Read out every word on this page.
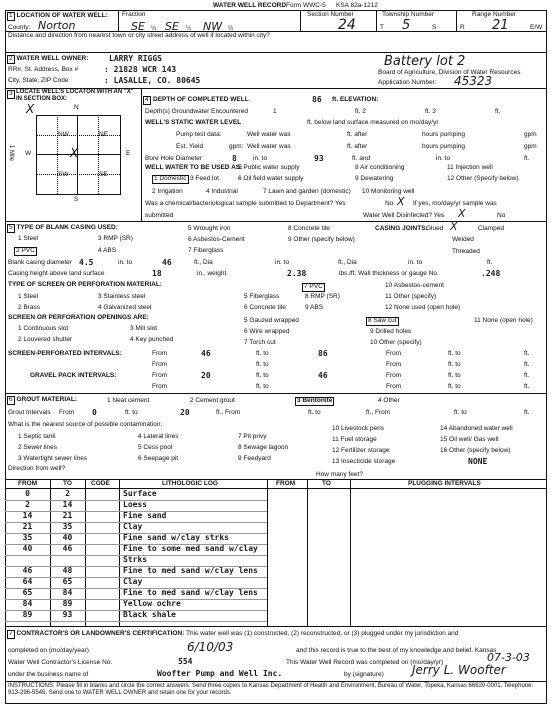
WATER WELL RECORD Form WWC-5 KSA 82a-1212
1 LOCATION OF WATER WELL:
County: Norton
Fraction
SE ¼ SE ¼ NW ¼
Section Number
24
Township Number
T 5	S
Range Number
R 21	E/W
Distance and direction from nearest town or city street address of well if located within city?
2 WATER WELL OWNER:	LARRY RIGGS
RR#, St. Address, Box #	: 21828 WCR 143
City, State, ZIP Code	: LASALLE, CO. 80645
Battery lot 2
Board of Agriculture, Division of Water Resources
Application Number: 45323
3 LOCATE WELL'S LOCATON WITH AN "X" IN SECTION BOX:
N
S
W	E
1 Mile
NW	NE
SW	SE
X
X
4 DEPTH OF COMPLETED WELL	86 ft. ELEVATION:
Depth(s) Groundwater Encountered	1	ft. 2	ft. 3	ft.
WELL'S STATIC WATER LEVEL	ft. below land surface measured on mo/day/yr
Pump test data:	Well water was	ft. after	hours pumping	gpm
Est. Yield	gpm: Well water was	ft. after	hours pumping	gpm
Bore Hole Diameter	8 in. to	93	ft. and	in. to	ft.
WELL WATER TO BE USED AS:
1 Domestic 3 Feed lot
5 Public water supply
6 Oil field water supply
8 Air conditioning
9 Dewatering
11 Injection well
12 Other (Specify below)
2 Irrigation	4 Industrial	7 Lawn and garden (domestic) 10 Monitoring well
Was a chemical/bacteriological sample submitted to Department? Yes	No X If yes, mo/day/yr sample was
submitted	Water Well Disinfected? Yes X	No
5 TYPE OF BLANK CASING USED:
1 Steel
2 PVC
3 RMP (SR)
4 ABS
5 Wrought iron
6 Asbestos-Cement
7 Fiberglass
8 Concrete tile
9 Other (specify below)
CASING JOINTS:
Glued X	Clamped
Welded
Threaded
Blank casing diameter 4.5	in. to	46	ft., Dia	in. to	ft., Dia	in. to	ft.
Casing height above land surface	18	in., weight	2.38	lbs./ft. Wall thickness or gauge No.	.248
TYPE OF SCREEN OR PERFORATION MATERIAL:
1 Steel
2 Brass
3 Stainless steel
4 Galvanized steel
5 Fiberglass
6 Concrete tile
7 PVC
8 RMP (SR)
9 ABS
10 Asbestos-cement
11 Other (specify)
12 None used (open hole)
SCREEN OR PERFORATION OPENINGS ARE:
1 Continuous slot
2 Louvered shutter
3 Mill slot
4 Key punched
5 Gauzed wrapped
6 Wire wrapped
7 Torch cut
8 Saw cut
9 Drilled holes
10 Other (specify)
11 None (open hole)
SCREEN-PERFORATED INTERVALS:	From	46	ft. to	86	From	ft. to	ft.
From	ft. to	From	ft. to	ft.
GRAVEL PACK INTERVALS:	From	20	ft. to	46	From	ft. to	ft.
From	ft. to	From	ft. to	ft.
6 GROUT MATERIAL:	1 Neat cement	2 Cement grout	3 Bentonite	4 Other
Grout Intervals From 0	ft. to	20	ft., From	ft. to	ft., From	ft. to	ft.
What is the nearest source of possible contamination:
1 Septic tank
2 Sewer lines
3 Watertight sewer lines
4 Lateral lines
5 Cess pool
6 Seepage pit
7 Pit privy
8 Sewage lagoon
9 Feedyard
10 Livestock pens
11 Fuel storage
12 Fertilizer storage
13 Insecticide storage
14 Abandoned water well
15 Oil well/ Gas well
16 Other (specify below)
NONE
Direction from well?
How many feet?
FROM	TO	CODE	LITHOLOGIC LOG	FROM	TO	PLUGGING INTERVALS
0	2	Surface
2	14	Loess
14	21	Fine sand
21	35	Clay
35	40	Fine sand w/clay strks
40	46	Fine to some med sand w/clay
Strks
46	48	Fine to med sand w/clay lens
64	65	Clay
65	84	Fine to med sand w/clay lens
84	89	Yellow ochre
89	93	Black shale
7 CONTRACTOR'S OR LANDOWNER'S CERTIFICATION: This water well was (1) constructed, (2) reconstructed, or (3) plugged under my jurisdiction and
completed on (mo/day/year)	6/10/03	and this record is true to the best of my knowledge and belief. Kansas
Water Well Contractor's License No.	554	This Water Well Record was completed on (mo/day/yr)	07-3-03
under the business name of	Woofter Pump and Well Inc.	by (signature) Jerry L. Woofter
INSTRUCTIONS: Please fill in blanks and circle the correct answers. Send three copies to Kansas Department of Health and Environment, Bureau of Water, Topeka, Kansas 66620-0001. Telephone: 913-296-5545. Send one to WATER WELL OWNER and retain one for your records.
